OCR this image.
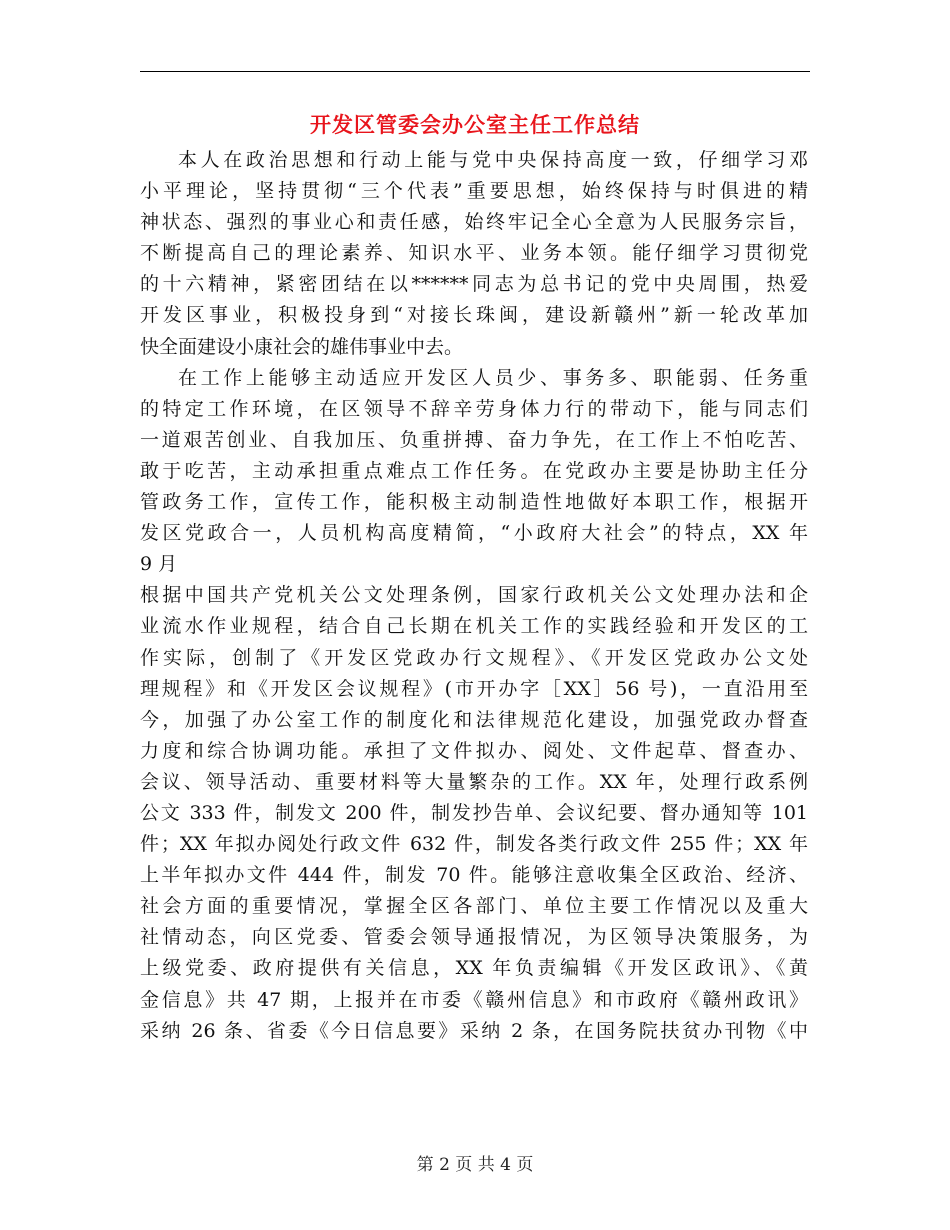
开发区管委会办公室主任工作总结
本人在政治思想和行动上能与党中央保持高度一致，仔细学习邓
小平理论，坚持贯彻“三个代表”重要思想，始终保持与时俱进的精
神状态、强烈的事业心和责任感，始终牢记全心全意为人民服务宗旨，
不断提高自己的理论素养、知识水平、业务本领。能仔细学习贯彻党
的十六精神，紧密团结在以******同志为总书记的党中央周围，热爱
开发区事业，积极投身到“对接长珠闽，建设新赣州”新一轮改革加
快全面建设小康社会的雄伟事业中去。
在工作上能够主动适应开发区人员少、事务多、职能弱、任务重
的特定工作环境，在区领导不辞辛劳身体力行的带动下，能与同志们
一道艰苦创业、自我加压、负重拼搏、奋力争先，在工作上不怕吃苦、
敢于吃苦，主动承担重点难点工作任务。在党政办主要是协助主任分
管政务工作，宣传工作，能积极主动制造性地做好本职工作，根据开
发区党政合一，人员机构高度精简，“小政府大社会”的特点，XX 年
9 月
根据中国共产党机关公文处理条例，国家行政机关公文处理办法和企
业流水作业规程，结合自己长期在机关工作的实践经验和开发区的工
作实际，创制了《开发区党政办行文规程》、《开发区党政办公文处
理规程》和《开发区会议规程》(市开办字［XX］56 号)，一直沿用至
今，加强了办公室工作的制度化和法律规范化建设，加强党政办督查
力度和综合协调功能。承担了文件拟办、阅处、文件起草、督查办、
会议、领导活动、重要材料等大量繁杂的工作。XX 年，处理行政系例
公文 333 件，制发文 200 件，制发抄告单、会议纪要、督办通知等 101
件；XX 年拟办阅处行政文件 632 件，制发各类行政文件 255 件；XX 年
上半年拟办文件 444 件，制发 70 件。能够注意收集全区政治、经济、
社会方面的重要情况，掌握全区各部门、单位主要工作情况以及重大
社情动态，向区党委、管委会领导通报情况，为区领导决策服务，为
上级党委、政府提供有关信息，XX 年负责编辑《开发区政讯》、《黄
金信息》共 47 期，上报并在市委《赣州信息》和市政府《赣州政讯》
采纳 26 条、省委《今日信息要》采纳 2 条，在国务院扶贫办刊物《中
第 2 页 共 4 页
